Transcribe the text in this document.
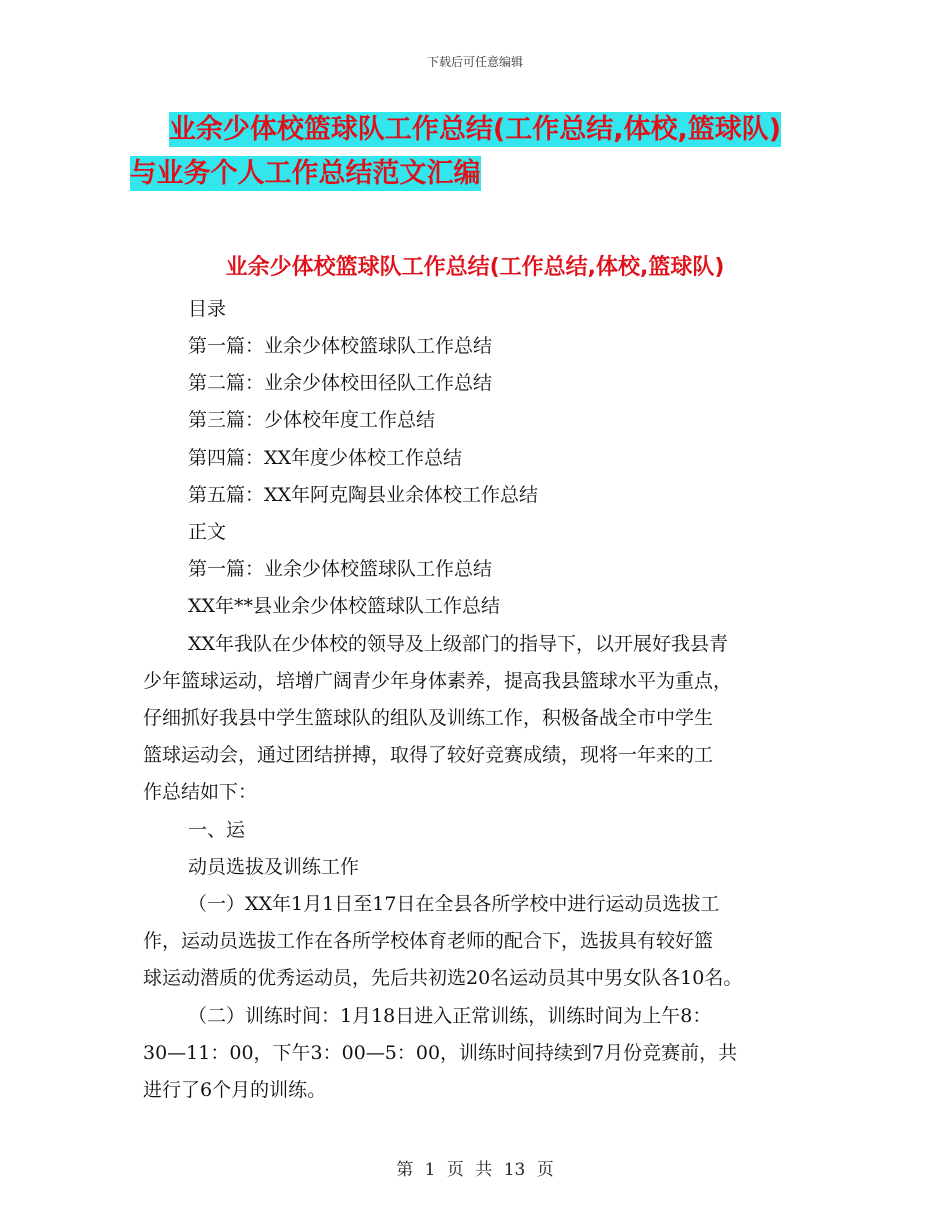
下载后可任意编辑
业余少体校篮球队工作总结(工作总结,体校,篮球队)
与业务个人工作总结范文汇编
业余少体校篮球队工作总结(工作总结,体校,篮球队)
目录
第一篇：业余少体校篮球队工作总结
第二篇：业余少体校田径队工作总结
第三篇：少体校年度工作总结
第四篇：XX年度少体校工作总结
第五篇：XX年阿克陶县业余体校工作总结
正文
第一篇：业余少体校篮球队工作总结
XX年**县业余少体校篮球队工作总结
XX年我队在少体校的领导及上级部门的指导下，以开展好我县青
少年篮球运动，培增广阔青少年身体素养，提高我县篮球水平为重点，
仔细抓好我县中学生篮球队的组队及训练工作，积极备战全市中学生
篮球运动会，通过团结拼搏，取得了较好竞赛成绩，现将一年来的工
作总结如下：
一、运
动员选拔及训练工作
（一）XX年1月1日至17日在全县各所学校中进行运动员选拔工
作，运动员选拔工作在各所学校体育老师的配合下，选拔具有较好篮
球运动潜质的优秀运动员，先后共初选20名运动员其中男女队各10名。
（二）训练时间：1月18日进入正常训练，训练时间为上午8：
30—11：00，下午3：00—5：00，训练时间持续到7月份竞赛前，共
进行了6个月的训练。
第 1 页 共 13 页
